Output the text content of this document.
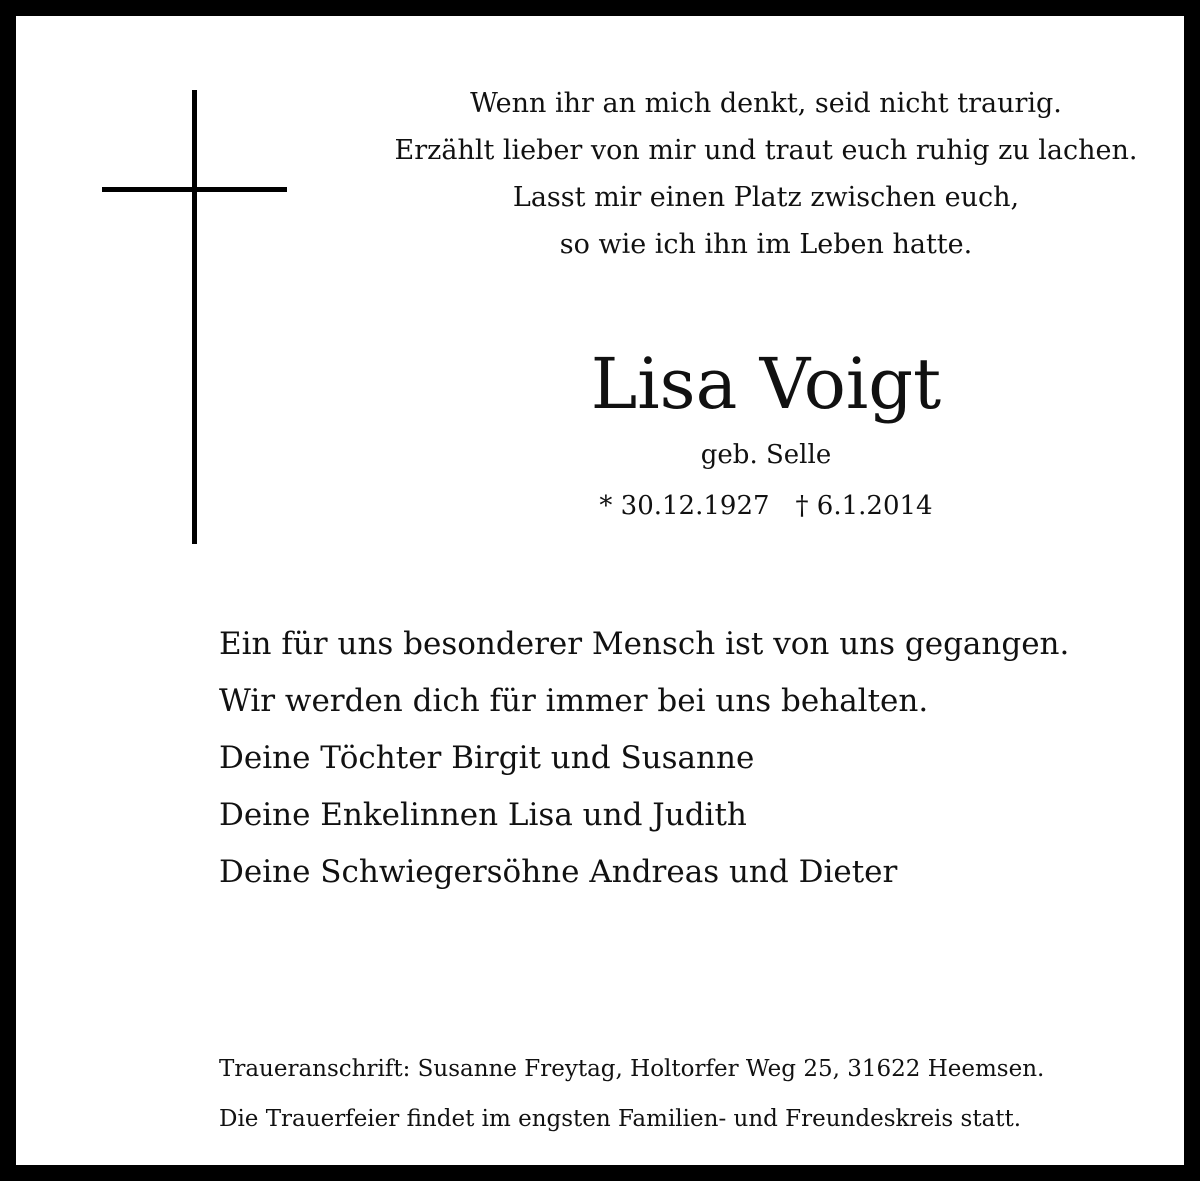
Wenn ihr an mich denkt, seid nicht traurig.
Erzählt lieber von mir und traut euch ruhig zu lachen.
Lasst mir einen Platz zwischen euch,
so wie ich ihn im Leben hatte.
Lisa Voigt
geb. Selle
* 30.12.1927 † 6.1.2014
Ein für uns besonderer Mensch ist von uns gegangen.
Wir werden dich für immer bei uns behalten.
Deine Töchter Birgit und Susanne
Deine Enkelinnen Lisa und Judith
Deine Schwiegersöhne Andreas und Dieter
Traueranschrift: Susanne Freytag, Holtorfer Weg 25, 31622 Heemsen.
Die Trauerfeier findet im engsten Familien- und Freundeskreis statt.
